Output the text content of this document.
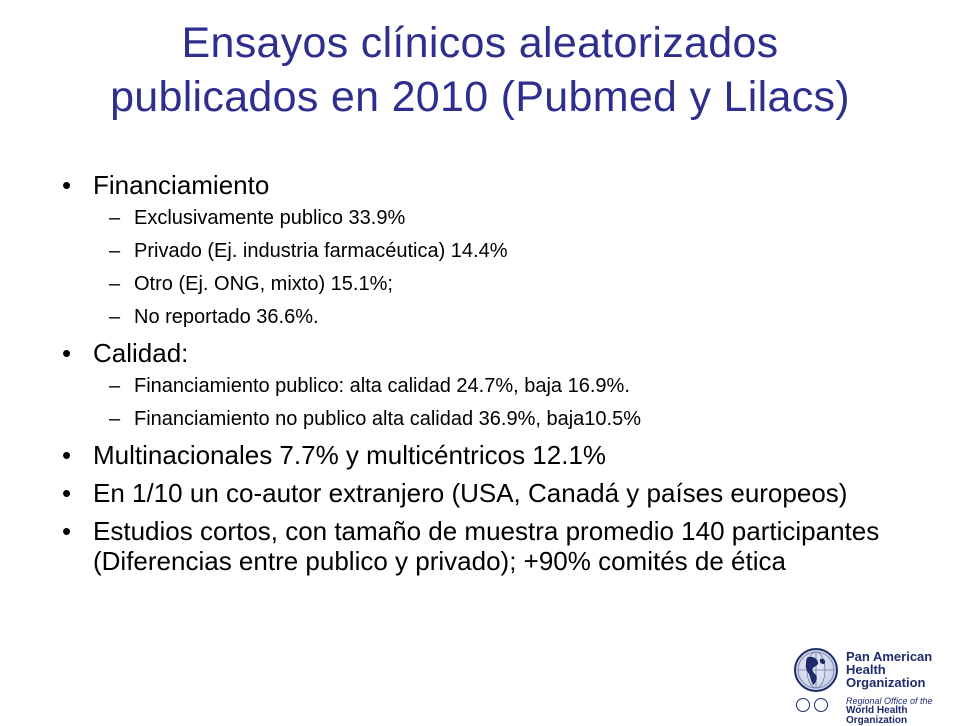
Ensayos clínicos aleatorizados
publicados en 2010 (Pubmed y Lilacs)
• Financiamiento
– Exclusivamente publico 33.9%
– Privado (Ej. industria farmacéutica) 14.4%
– Otro (Ej. ONG, mixto) 15.1%;
– No reportado 36.6%.
• Calidad:
– Financiamiento publico: alta calidad 24.7%, baja 16.9%.
– Financiamiento no publico alta calidad 36.9%, baja10.5%
• Multinacionales 7.7% y multicéntricos 12.1%
• En 1/10 un co-autor extranjero (USA, Canadá y países europeos)
• Estudios cortos, con tamaño de muestra promedio 140 participantes (Diferencias entre publico y privado); +90% comités de ética
Pan American
Health
Organization
Regional Office of the
World Health Organization
